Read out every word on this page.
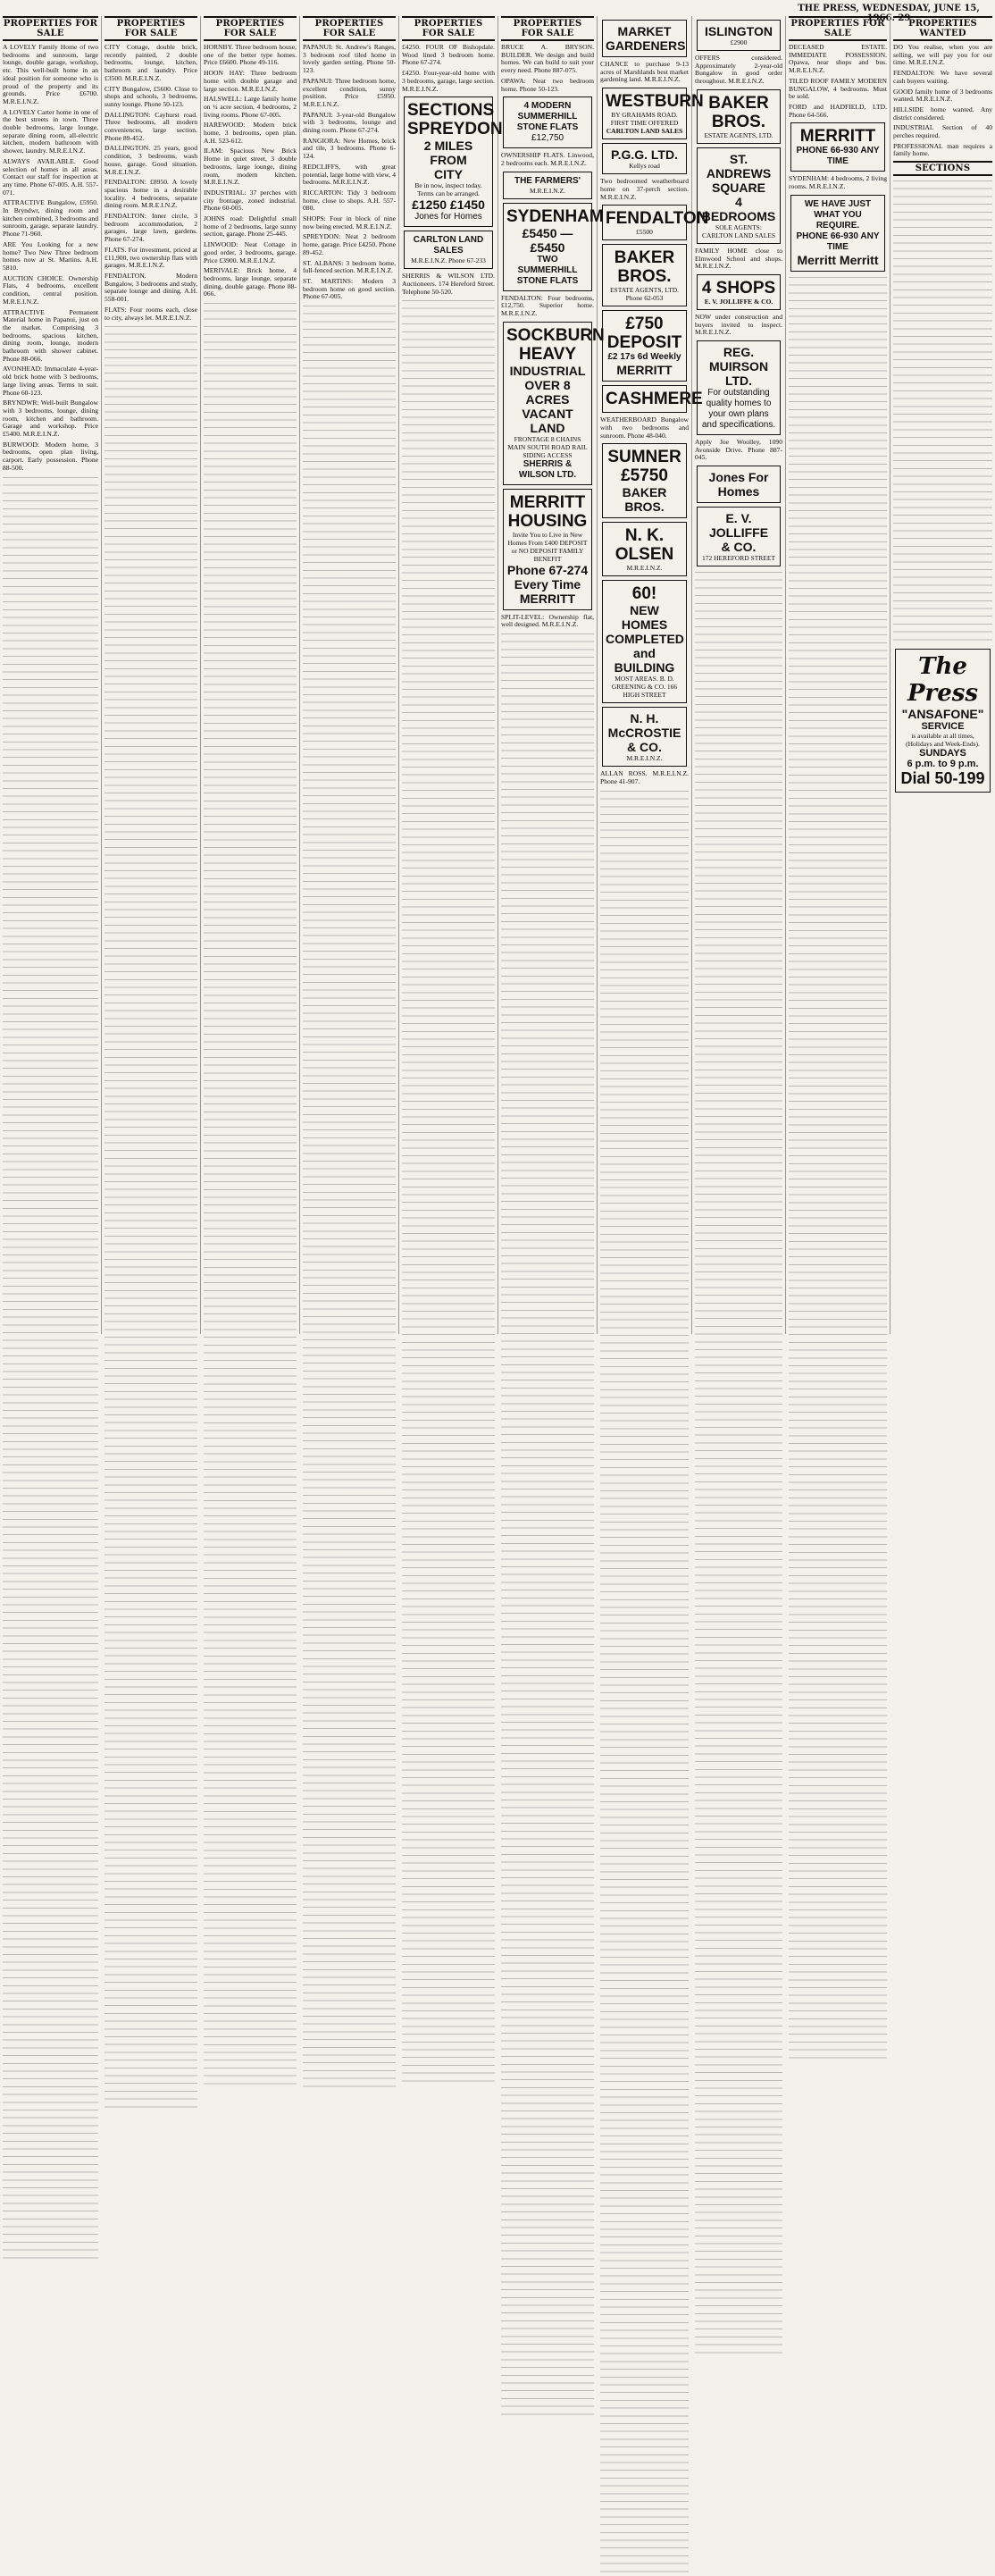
THE PRESS, WEDNESDAY, JUNE 15, 1966. 29
PROPERTIES FOR SALE
A LOVELY Family Home of two bedrooms and sunroom, large lounge, double garage, workshop, etc. This well-built home in an ideal position for someone who is proud of the property and its grounds. Price £6700. M.R.E.I.N.Z.
A LOVELY Carter home in one of the best streets in town. Three double bedrooms, large lounge, separate dining room, all-electric kitchen, modern bathroom with shower, laundry. M.R.E.I.N.Z.
ALWAYS AVAILABLE. Good selection of homes in all areas. Contact our staff for inspection at any time. Phone 67-005. A.H. 557-071.
ATTRACTIVE Bungalow, £5950. In Bryndwr, dining room and kitchen combined, 3 bedrooms and sunroom, garage, separate laundry. Phone 71-960.
ARE You Looking for a new home? Two New Three bedroom homes now at St. Martins. A.H. 5810.
AUCTION CHOICE. Ownership Flats, 4 bedrooms, excellent condition, central position. M.R.E.I.N.Z.
ATTRACTIVE Permanent Material home in Papanui, just on the market. Comprising 3 bedrooms, spacious kitchen, dining room, lounge, modern bathroom with shower cabinet. Phone 88-066.
AVONHEAD: Immaculate 4-year-old brick home with 3 bedrooms, large living areas. Terms to suit. Phone 60-123.
BRYNDWR: Well-built Bungalow with 3 bedrooms, lounge, dining room, kitchen and bathroom. Garage and workshop. Price £5400. M.R.E.I.N.Z.
BURWOOD: Modern home, 3 bedrooms, open plan living, carport. Early possession. Phone 88-500.
PROPERTIES FOR SALE
CITY Cottage, double brick, recently painted, 2 double bedrooms, lounge, kitchen, bathroom and laundry. Price £3500. M.R.E.I.N.Z.
CITY Bungalow, £5600. Close to shops and schools, 3 bedrooms, sunny lounge. Phone 50-123.
DALLINGTON: Cayhurst road. Three bedrooms, all modern conveniences, large section. Phone 89-452.
DALLINGTON. 25 years, good condition, 3 bedrooms, wash house, garage. Good situation. M.R.E.I.N.Z.
FENDALTON: £8950. A lovely spacious home in a desirable locality. 4 bedrooms, separate dining room. M.R.E.I.N.Z.
FENDALTON: Inner circle, 3 bedroom accommodation, 2 garages, large lawn, gardens. Phone 67-274.
FLATS. For investment, priced at £11,900, two ownership flats with garages. M.R.E.I.N.Z.
FENDALTON. Modern Bungalow, 3 bedrooms and study, separate lounge and dining. A.H. 558-001.
FLATS: Four rooms each, close to city, always let. M.R.E.I.N.Z.
PROPERTIES FOR SALE
HORNBY. Three bedroom house, one of the better type homes. Price £6600. Phone 49-116.
HOON HAY: Three bedroom home with double garage and large section. M.R.E.I.N.Z.
HALSWELL: Large family home on ¼ acre section, 4 bedrooms, 2 living rooms. Phone 67-005.
HAREWOOD: Modern brick home, 3 bedrooms, open plan. A.H. 523-612.
ILAM: Spacious New Brick Home in quiet street, 3 double bedrooms, large lounge, dining room, modern kitchen. M.R.E.I.N.Z.
INDUSTRIAL: 37 perches with city frontage, zoned industrial. Phone 60-005.
JOHNS road: Delightful small home of 2 bedrooms, large sunny section, garage. Phone 25-445.
LINWOOD: Neat Cottage in good order, 3 bedrooms, garage. Price £3900. M.R.E.I.N.Z.
MERIVALE: Brick home, 4 bedrooms, large lounge, separate dining, double garage. Phone 88-066.
PROPERTIES FOR SALE
PAPANUI: St. Andrew's Ranges, 3 bedroom roof tiled home in lovely garden setting. Phone 50-123.
PAPANUI: Three bedroom home, excellent condition, sunny position. Price £5950. M.R.E.I.N.Z.
PAPANUI: 3-year-old Bungalow with 3 bedrooms, lounge and dining room. Phone 67-274.
RANGIORA: New Homes, brick and tile, 3 bedrooms. Phone 6-124.
REDCLIFFS, with great potential, large home with view, 4 bedrooms. M.R.E.I.N.Z.
RICCARTON: Tidy 3 bedroom home, close to shops. A.H. 557-080.
SHOPS: Four in block of nine now being erected. M.R.E.I.N.Z.
SPREYDON: Neat 2 bedroom home, garage. Price £4250. Phone 89-452.
ST. ALBANS: 3 bedroom home, full-fenced section. M.R.E.I.N.Z.
ST. MARTINS: Modern 3 bedroom home on good section. Phone 67-005.
PROPERTIES FOR SALE
£4250. FOUR OF Bishopdale. Wood lined 3 bedroom home. Phone 67-274.
£4250. Four-year-old home with 3 bedrooms, garage, large section. M.R.E.I.N.Z.
SECTIONS
SPREYDON
2 MILES FROM
CITY
Be in now, inspect today. Terms can be arranged.
£1250 £1450
Jones for Homes
CARLTON LAND SALES
M.R.E.I.N.Z. Phone 67-233
SHERRIS & WILSON LTD. Auctioneers. 174 Hereford Street. Telephone 50-520.
PROPERTIES FOR SALE
BRUCE A. BRYSON. BUILDER. We design and build homes. We can build to suit your every need. Phone 887-075.
OPAWA: Neat two bedroom home. Phone 50-123.
4 MODERN
SUMMERHILL STONE FLATS
£12,750
OWNERSHIP FLATS. Linwood, 2 bedrooms each. M.R.E.I.N.Z.
THE FARMERS'
M.R.E.I.N.Z.
SYDENHAM
£5450 — £5450
TWO SUMMERHILL
STONE FLATS
FENDALTON: Four bedrooms, £12,750. Superior home. M.R.E.I.N.Z.
SOCKBURN
HEAVY
INDUSTRIAL
OVER 8 ACRES
VACANT LAND
FRONTAGE 8 CHAINS MAIN SOUTH ROAD RAIL SIDING ACCESS
SHERRIS & WILSON LTD.
MERRITT
HOUSING
Invite You to Live in New Homes From £400 DEPOSIT or NO DEPOSIT FAMILY BENEFIT
Phone 67-274 Every Time
MERRITT
SPLIT-LEVEL: Ownership flat, well designed. M.R.E.I.N.Z.
MARKET
GARDENERS
CHANCE to purchase 9-13 acres of Marshlands best market gardening land. M.R.E.I.N.Z.
WESTBURN
BY GRAHAMS ROAD. FIRST TIME OFFERED
CARLTON LAND SALES
P.G.G. LTD.
Kellys road
Two bedroomed weatherboard home on 37-perch section. M.R.E.I.N.Z.
FENDALTON
£5500
BAKER BROS.
ESTATE AGENTS, LTD. Phone 62-053
£750 DEPOSIT
£2 17s 6d Weekly
MERRITT
CASHMERE
WEATHERBOARD Bungalow with two bedrooms and sunroom. Phone 48-040.
SUMNER £5750
BAKER BROS.
N. K. OLSEN
M.R.E.I.N.Z.
60!
NEW HOMES
COMPLETED and
BUILDING
MOST AREAS. B. D. GREENING & CO. 166 HIGH STREET
N. H. McCROSTIE
& CO.
M.R.E.I.N.Z.
ALLAN ROSS. M.R.E.I.N.Z. Phone 41-907.
ISLINGTON
£2900
OFFERS considered. Approximately 2-year-old Bungalow in good order throughout. M.R.E.I.N.Z.
BAKER BROS.
ESTATE AGENTS, LTD.
ST. ANDREWS
SQUARE
4 BEDROOMS
SOLE AGENTS: CARLTON LAND SALES
FAMILY HOME close to Elmwood School and shops. M.R.E.I.N.Z.
4 SHOPS
E. V. JOLLIFFE & CO.
NOW under construction and buyers invited to inspect. M.R.E.I.N.Z.
REG. MUIRSON LTD.
For outstanding quality homes to your own plans and specifications.
Apply Joe Woolley, 1090 Avonside Drive. Phone 887-045.
Jones For Homes
E. V. JOLLIFFE
& CO.
172 HEREFORD STREET
PROPERTIES FOR SALE
DECEASED ESTATE. IMMEDIATE POSSESSION. Opawa, near shops and bus. M.R.E.I.N.Z.
TILED ROOF FAMILY MODERN BUNGALOW, 4 bedrooms. Must be sold.
FORD and HADFIELD, LTD. Phone 64-566.
MERRITT
PHONE 66-930 ANY TIME
SYDENHAM: 4 bedrooms, 2 living rooms. M.R.E.I.N.Z.
WE HAVE JUST WHAT YOU REQUIRE.
PHONE 66-930 ANY TIME
Merritt Merritt
PROPERTIES WANTED
DO You realise, when you are selling, we will pay you for our time. M.R.E.I.N.Z.
FENDALTON: We have several cash buyers waiting.
GOOD family home of 3 bedrooms wanted. M.R.E.I.N.Z.
HILLSIDE home wanted. Any district considered.
INDUSTRIAL Section of 40 perches required.
PROFESSIONAL man requires a family home.
SECTIONS
The Press
"ANSAFONE"
SERVICE
is available at all times, (Holidays and Week-Ends).
SUNDAYS
6 p.m. to 9 p.m.
Dial 50-199
